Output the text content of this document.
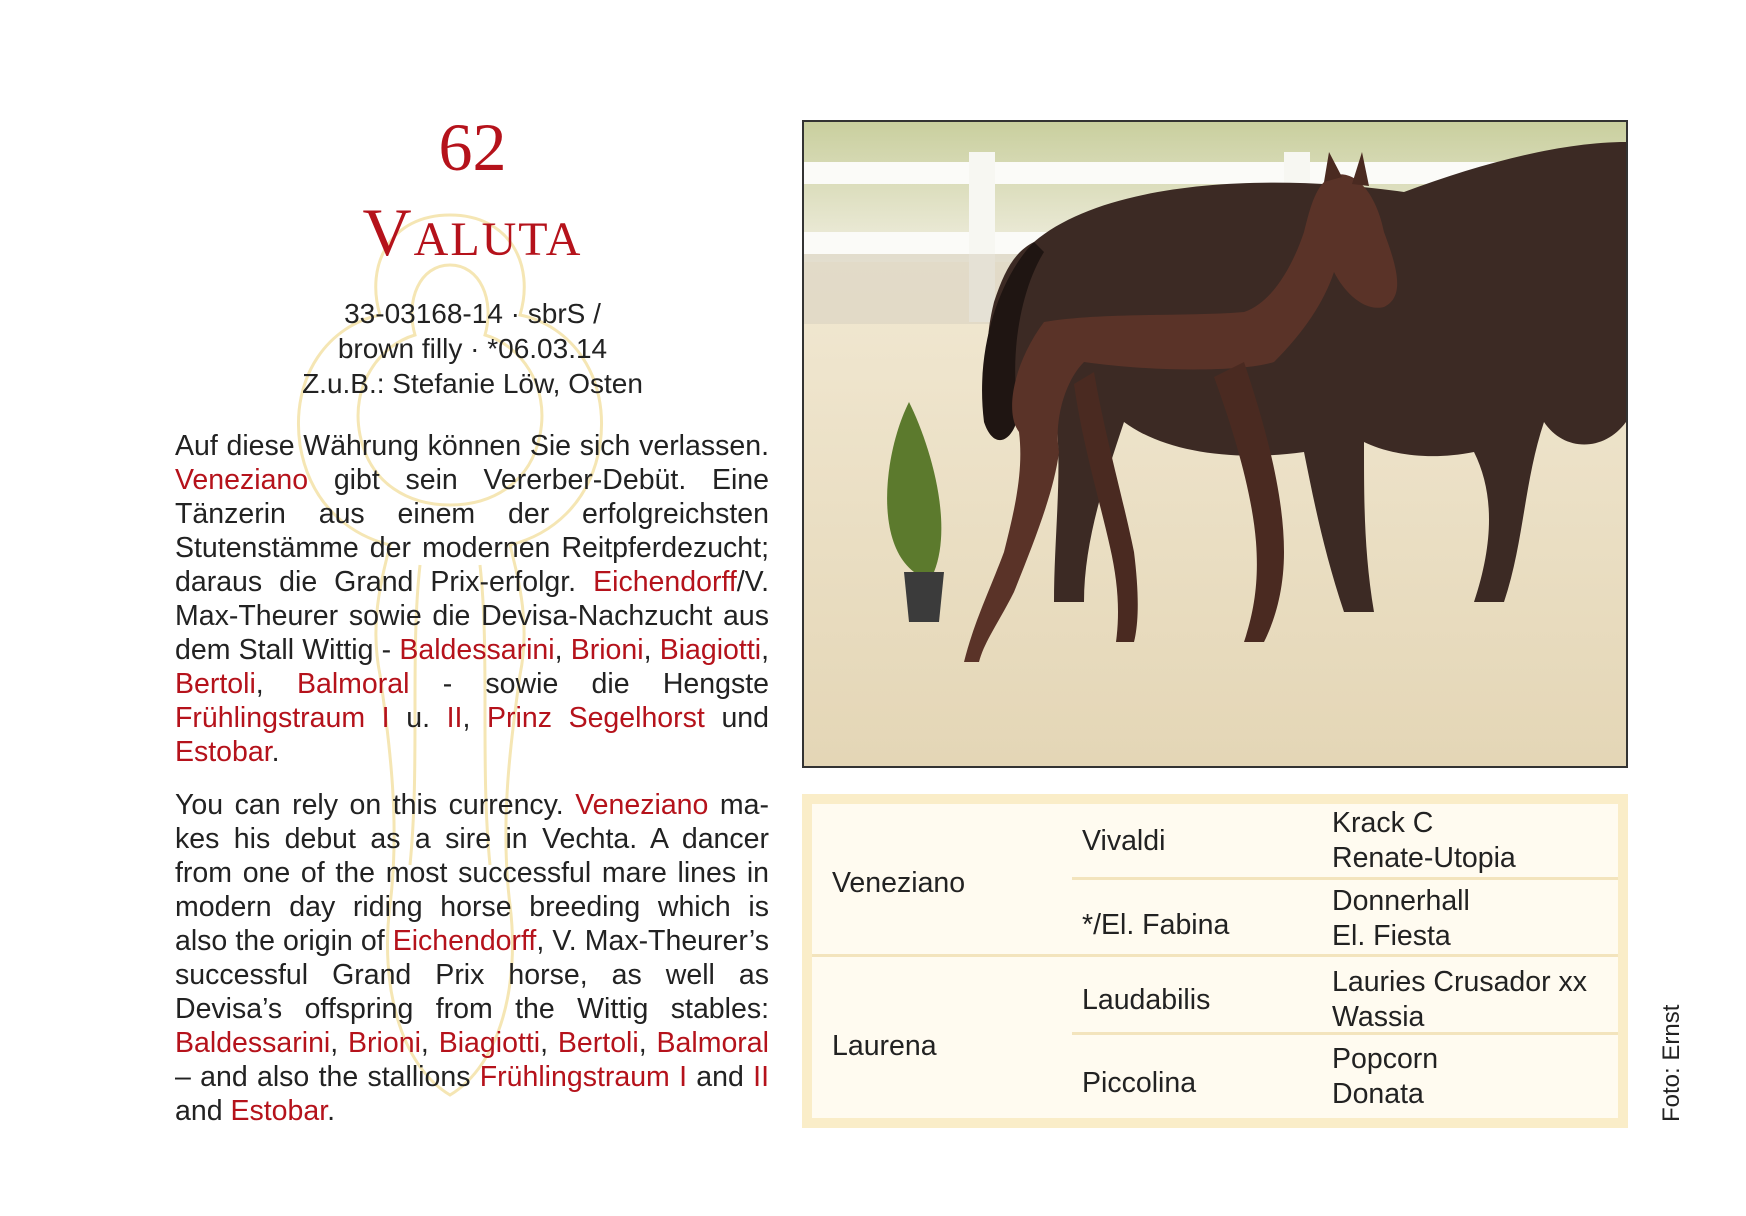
62
Valuta
33-03168-14 · sbrS /
brown filly · *06.03.14
Z.u.B.: Stefanie Löw, Osten
Auf diese Währung können Sie sich verlassen. Veneziano gibt sein Vererber-Debüt. Eine Tänzerin aus einem der erfolgreichsten Stutenstämme der modernen Reitpferdezucht; daraus die Grand Prix-erfolgr. Eichendorff/V. Max-Theurer sowie die Devisa-Nachzucht aus dem Stall Wittig - Baldessarini, Brioni, Biagiotti, Bertoli, Balmoral - sowie die Hengste Frühlingstraum I u. II, Prinz Segelhorst und Estobar.
You can rely on this currency. Veneziano makes his debut as a sire in Vechta. A dancer from one of the most successful mare lines in modern day riding horse breeding which is also the origin of Eichendorff, V. Max-Theurer’s successful Grand Prix horse, as well as Devisa’s offspring from the Wittig stables: Baldessarini, Brioni, Biagiotti, Bertoli, Balmoral – and also the stallions Frühlingstraum I and II and Estobar.
Veneziano
Laurena
Vivaldi
*/El. Fabina
Laudabilis
Piccolina
Krack C
Renate-Utopia
Donnerhall
El. Fiesta
Lauries Crusador xx
Wassia
Popcorn
Donata	Foto: Ernst
